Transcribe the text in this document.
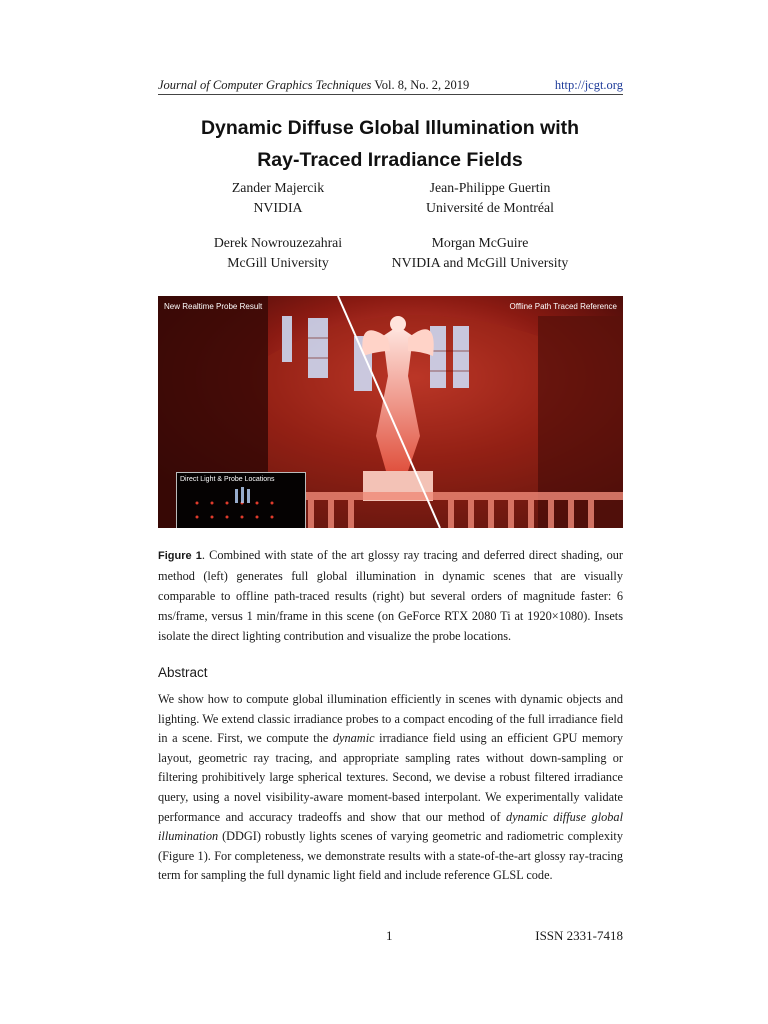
Journal of Computer Graphics Techniques Vol. 8, No. 2, 2019	http://jcgt.org
Dynamic Diffuse Global Illumination with
Ray-Traced Irradiance Fields
Zander Majercik
NVIDIA
Jean-Philippe Guertin
Université de Montréal
Derek Nowrouzezahrai
McGill University
Morgan McGuire
NVIDIA and McGill University
New Realtime Probe Result	Offline Path Traced Reference
Direct Light & Probe Locations
Figure 1. Combined with state of the art glossy ray tracing and deferred direct shading, our method (left) generates full global illumination in dynamic scenes that are visually comparable to offline path-traced results (right) but several orders of magnitude faster: 6 ms/frame, versus 1 min/frame in this scene (on GeForce RTX 2080 Ti at 1920×1080). Insets isolate the direct lighting contribution and visualize the probe locations.
Abstract
We show how to compute global illumination efficiently in scenes with dynamic objects and lighting. We extend classic irradiance probes to a compact encoding of the full irradiance field in a scene. First, we compute the dynamic irradiance field using an efficient GPU memory layout, geometric ray tracing, and appropriate sampling rates without down-sampling or filtering prohibitively large spherical textures. Second, we devise a robust filtered irradiance query, using a novel visibility-aware moment-based interpolant. We experimentally validate performance and accuracy tradeoffs and show that our method of dynamic diffuse global illumination (DDGI) robustly lights scenes of varying geometric and radiometric complexity (Figure 1). For completeness, we demonstrate results with a state-of-the-art glossy ray-tracing term for sampling the full dynamic light field and include reference GLSL code.
1	ISSN 2331-7418
